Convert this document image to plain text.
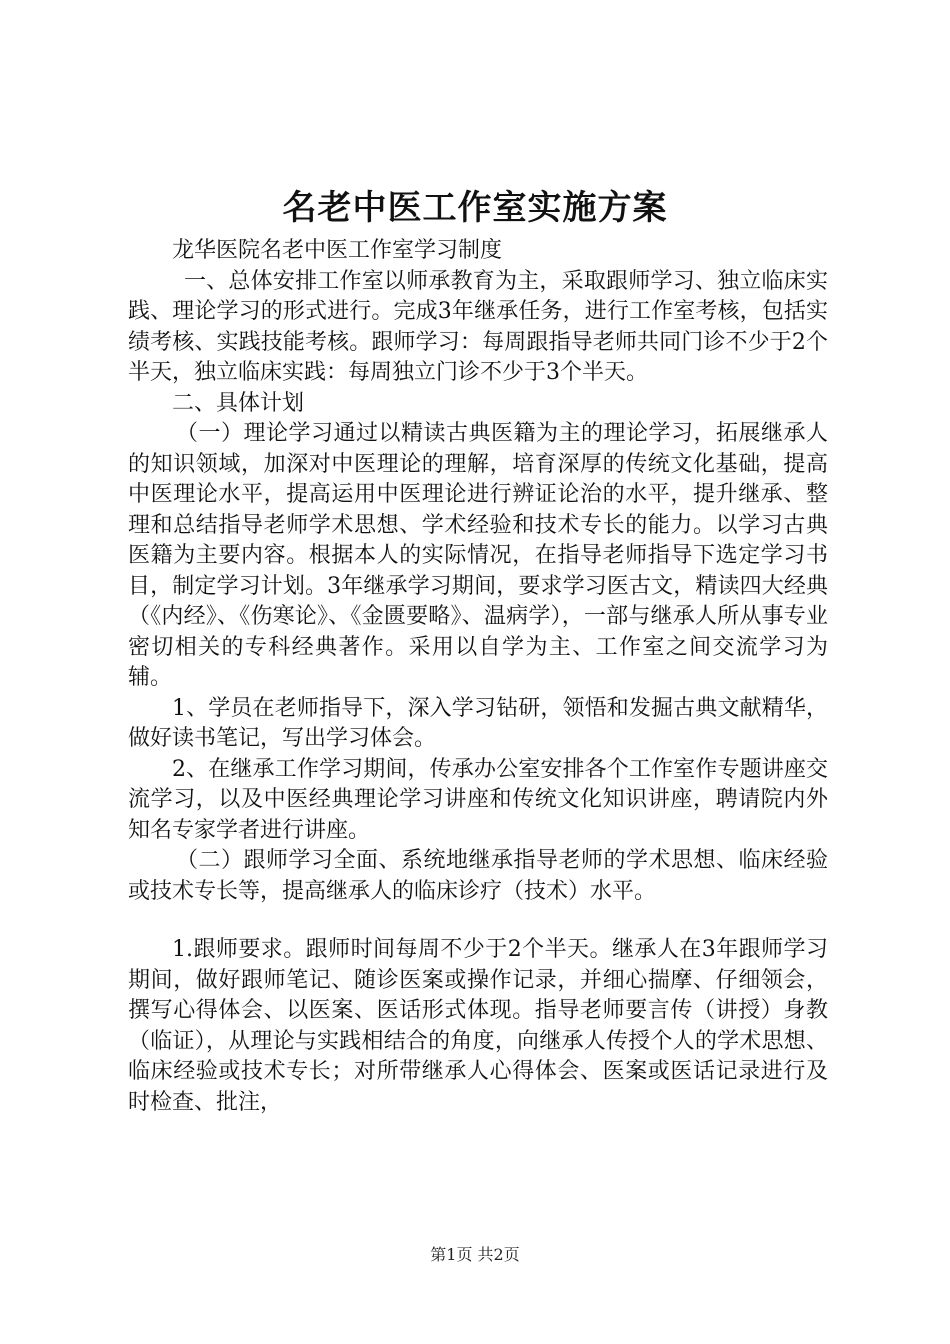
名老中医工作室实施方案

龙华医院名老中医工作室学习制度

一、总体安排工作室以师承教育为主，采取跟师学习、独立临床实践、理论学习的形式进行。完成3年继承任务，进行工作室考核，包括实绩考核、实践技能考核。跟师学习：每周跟指导老师共同门诊不少于2个半天，独立临床实践：每周独立门诊不少于3个半天。

二、具体计划

（一）理论学习通过以精读古典医籍为主的理论学习，拓展继承人的知识领域，加深对中医理论的理解，培育深厚的传统文化基础，提高中医理论水平，提高运用中医理论进行辨证论治的水平，提升继承、整理和总结指导老师学术思想、学术经验和技术专长的能力。以学习古典医籍为主要内容。根据本人的实际情况，在指导老师指导下选定学习书目，制定学习计划。3年继承学习期间，要求学习医古文，精读四大经典（《内经》、《伤寒论》、《金匮要略》、温病学），一部与继承人所从事专业密切相关的专科经典著作。采用以自学为主、工作室之间交流学习为辅。

1、学员在老师指导下，深入学习钻研，领悟和发掘古典文献精华，做好读书笔记，写出学习体会。

2、在继承工作学习期间，传承办公室安排各个工作室作专题讲座交流学习，以及中医经典理论学习讲座和传统文化知识讲座，聘请院内外知名专家学者进行讲座。

（二）跟师学习全面、系统地继承指导老师的学术思想、临床经验或技术专长等，提高继承人的临床诊疗（技术）水平。

1.跟师要求。跟师时间每周不少于2个半天。继承人在3年跟师学习期间，做好跟师笔记、随诊医案或操作记录，并细心揣摩、仔细领会，撰写心得体会、以医案、医话形式体现。指导老师要言传（讲授）身教（临证），从理论与实践相结合的角度，向继承人传授个人的学术思想、临床经验或技术专长；对所带继承人心得体会、医案或医话记录进行及时检查、批注，

第1页 共2页
